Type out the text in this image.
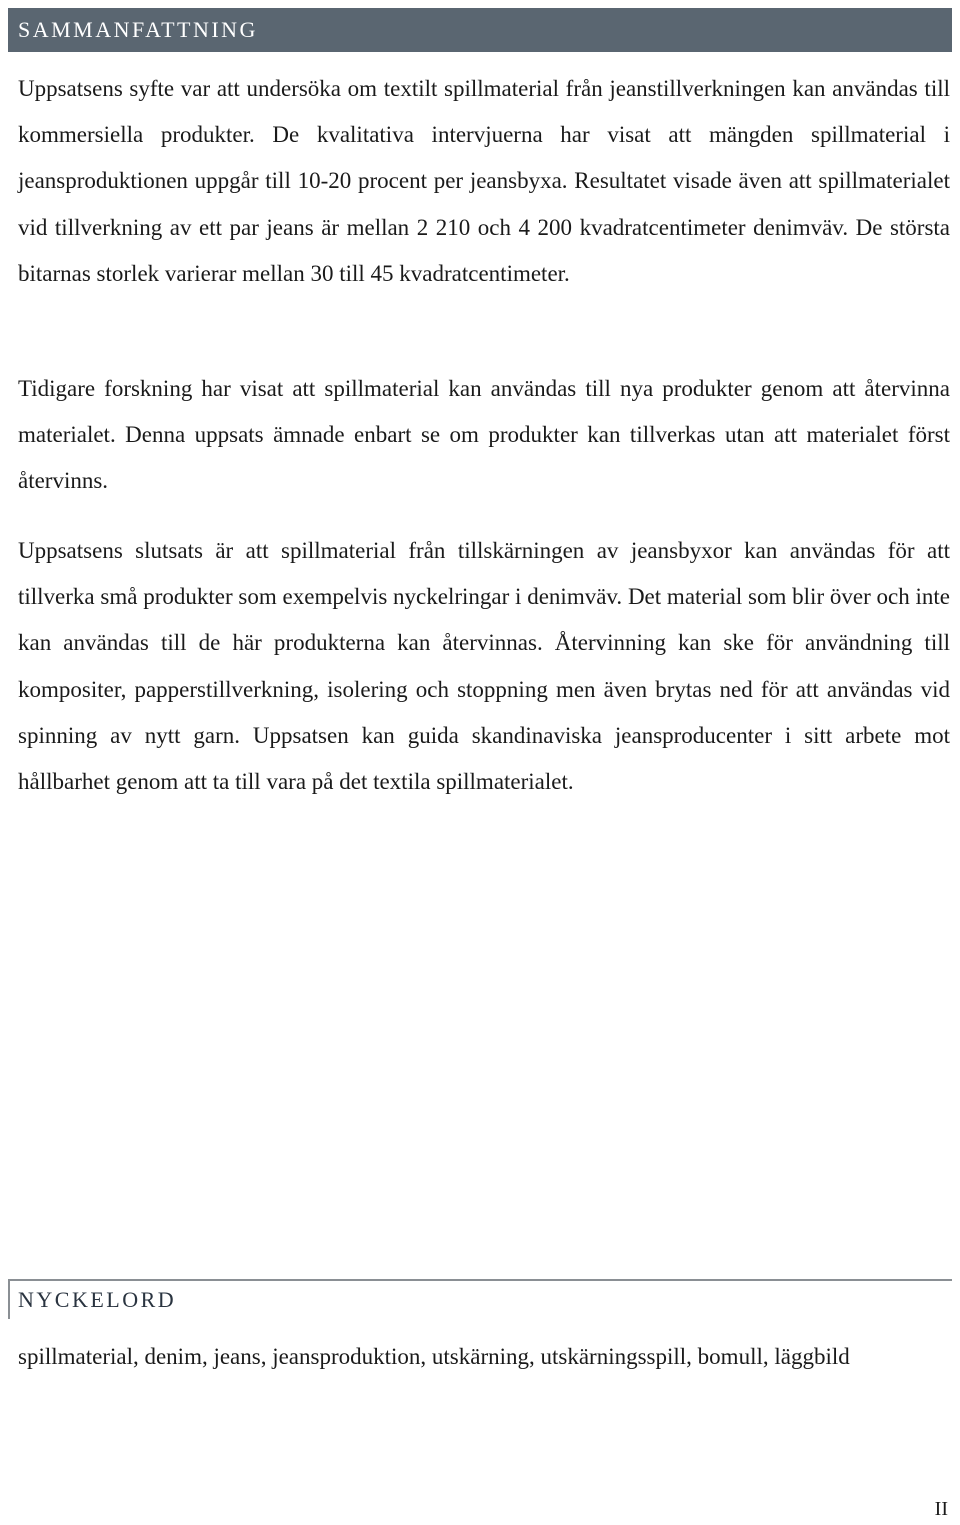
SAMMANFATTNING

Uppsatsens syfte var att undersöka om textilt spillmaterial från jeanstillverkningen kan användas till kommersiella produkter. De kvalitativa intervjuerna har visat att mängden spillmaterial i jeansproduktionen uppgår till 10-20 procent per jeansbyxa. Resultatet visade även att spillmaterialet vid tillverkning av ett par jeans är mellan 2 210 och 4 200 kvadratcentimeter denimväv. De största bitarnas storlek varierar mellan 30 till 45 kvadratcentimeter.

Tidigare forskning har visat att spillmaterial kan användas till nya produkter genom att återvinna materialet. Denna uppsats ämnade enbart se om produkter kan tillverkas utan att materialet först återvinns.

Uppsatsens slutsats är att spillmaterial från tillskärningen av jeansbyxor kan användas för att tillverka små produkter som exempelvis nyckelringar i denimväv. Det material som blir över och inte kan användas till de här produkterna kan återvinnas. Återvinning kan ske för användning till kompositer, papperstillverkning, isolering och stoppning men även brytas ned för att användas vid spinning av nytt garn. Uppsatsen kan guida skandinaviska jeansproducenter i sitt arbete mot hållbarhet genom att ta till vara på det textila spillmaterialet.

NYCKELORD

spillmaterial, denim, jeans, jeansproduktion, utskärning, utskärningsspill, bomull, läggbild

II
